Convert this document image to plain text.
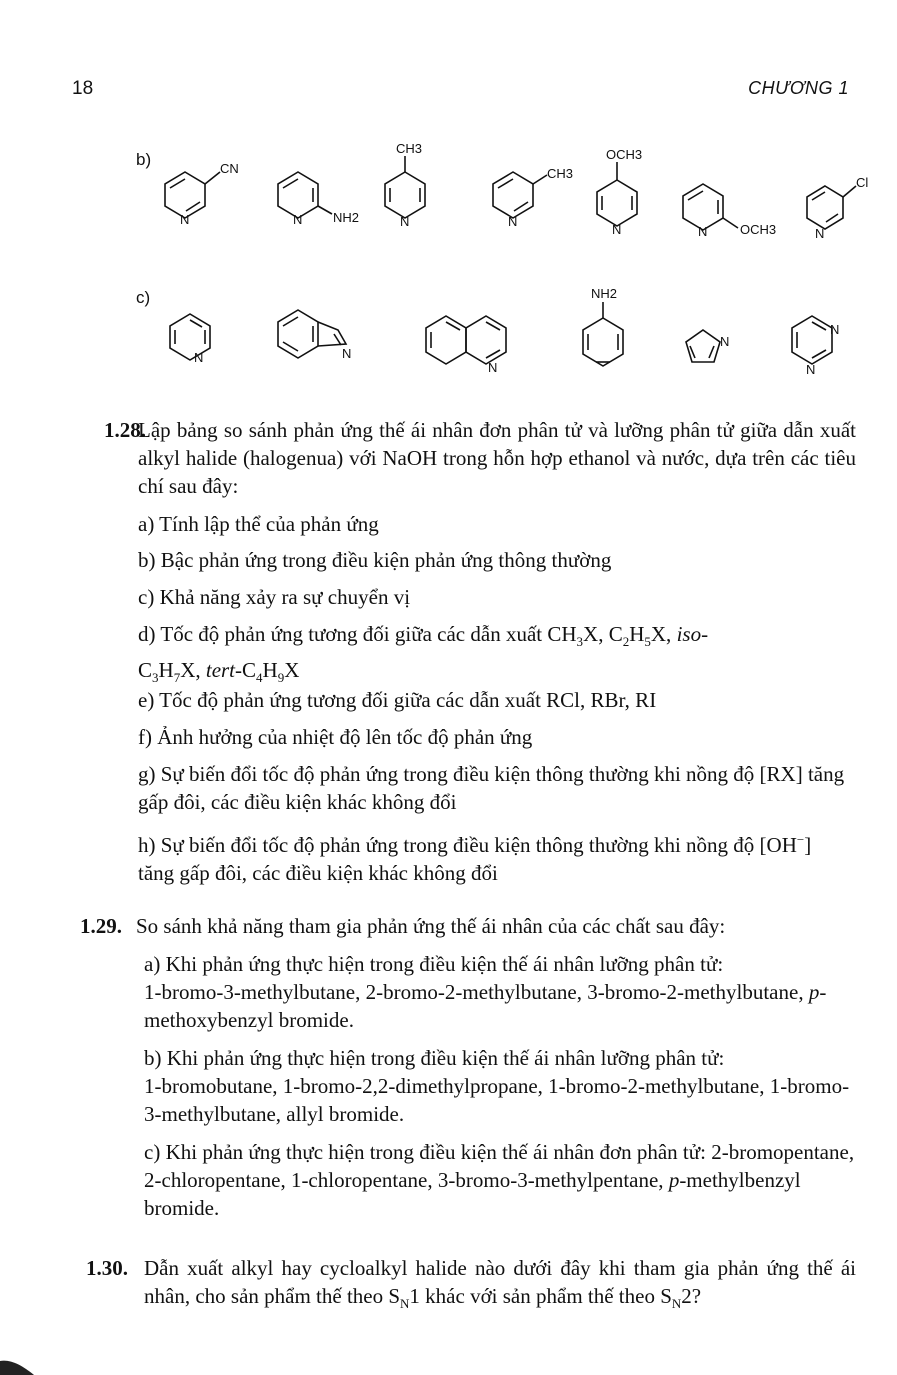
18	CHƯƠNG 1
b)
c)
CN
N	NH2
N
CH3
N
CH3
N
OCH3
N	OCH3
N
Cl
N
N	N
N
NH2
N
N
N
1.28.
Lập bảng so sánh phản ứng thế ái nhân đơn phân tử và lưỡng phân tử giữa dẫn xuất alkyl halide (halogenua) với NaOH trong hỗn hợp ethanol và nước, dựa trên các tiêu chí sau đây:
a) Tính lập thể của phản ứng
b) Bậc phản ứng trong điều kiện phản ứng thông thường
c) Khả năng xảy ra sự chuyển vị
d) Tốc độ phản ứng tương đối giữa các dẫn xuất $CH_3X$, $C_2H_5X$, iso-
$C_3H_7X$, tert-$C_4H_9X$
e) Tốc độ phản ứng tương đối giữa các dẫn xuất RCl, RBr, RI
f) Ảnh hưởng của nhiệt độ lên tốc độ phản ứng
g) Sự biến đổi tốc độ phản ứng trong điều kiện thông thường khi nồng độ [RX] tăng gấp đôi, các điều kiện khác không đổi
h) Sự biến đổi tốc độ phản ứng trong điều kiện thông thường khi nồng độ [OH−] tăng gấp đôi, các điều kiện khác không đổi
1.29. So sánh khả năng tham gia phản ứng thế ái nhân của các chất sau đây:
a) Khi phản ứng thực hiện trong điều kiện thế ái nhân lưỡng phân tử:
1-bromo-3-methylbutane, 2-bromo-2-methylbutane, 3-bromo-2-methylbutane, p-methoxybenzyl bromide.
b) Khi phản ứng thực hiện trong điều kiện thế ái nhân lưỡng phân tử:
1-bromobutane, 1-bromo-2,2-dimethylpropane, 1-bromo-2-methylbutane, 1-bromo-3-methylbutane, allyl bromide.
c) Khi phản ứng thực hiện trong điều kiện thế ái nhân đơn phân tử: 2-bromopentane, 2-chloropentane, 1-chloropentane, 3-bromo-3-methylpentane, p-methylbenzyl bromide.
1.30. Dẫn xuất alkyl hay cycloalkyl halide nào dưới đây khi tham gia phản ứng thế ái nhân, cho sản phẩm thế theo $S_N1$ khác với sản phẩm thế theo $S_N2$?
